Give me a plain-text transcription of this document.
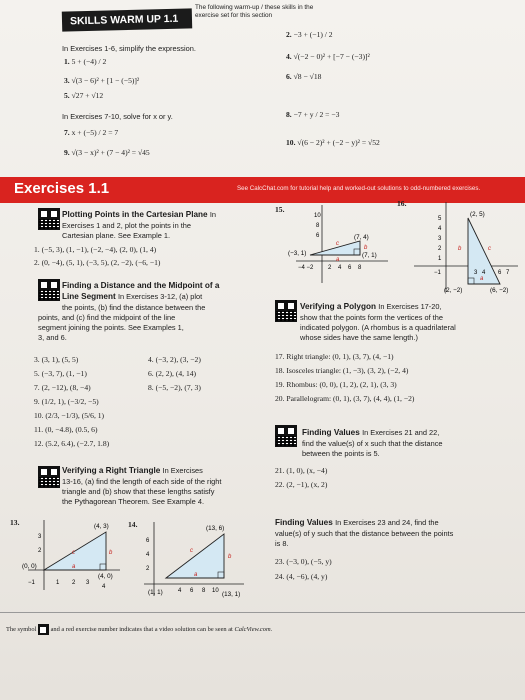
SKILLS WARM UP 1.1
The following warm-up / these skills in the exercise set for this section
In Exercises 1-6, simplify the expression.
1. 5 + (−4) / 2
2. −3 + (−1) / 2
3. √(3 − 6)² + [1 − (−5)]²
4. √(−2 − 0)² + [−7 − (−3)]²
5. √27 + √12
6. √8 − √18
In Exercises 7-10, solve for x or y.
7. x + (−5) / 2 = 7
8. −7 + y / 2 = −3
9. √(3 − x)² + (7 − 4)² = √45
10. √(6 − 2)² + (−2 − y)² = √52
Exercises 1.1	See CalcChat.com for tutorial help and worked-out solutions to odd-numbered exercises.
Plotting Points in the Cartesian Plane In
Exercises 1 and 2, plot the points in the
Cartesian plane. See Example 1.
1. (−5, 3), (1, −1), (−2, −4), (2, 0), (1, 4)
2. (0, −4), (5, 1), (−3, 5), (2, −2), (−6, −1)
Finding a Distance and the Midpoint of a
Line Segment In Exercises 3-12, (a) plot
the points, (b) find the distance between the
points, and (c) find the midpoint of the line
segment joining the points. See Examples 1,
3, and 6.
3. (3, 1), (5, 5)
5. (−3, 7), (1, −1)
7. (2, −12), (8, −4)
9. (1/2, 1), (−3/2, −5)
10. (2/3, −1/3), (5/6, 1)
11. (0, −4.8), (0.5, 6)
12. (5.2, 6.4), (−2.7, 1.8)
4. (−3, 2), (3, −2)
6. (2, 2), (4, 14)
8. (−5, −2), (7, 3)
Verifying a Right Triangle In Exercises
13-16, (a) find the length of each side of the right
triangle and (b) show that these lengths satisfy
the Pythagorean Theorem. See Example 4.
13.	(4, 3)
(0, 0)
(4, 0)
2
3
1 2 3
4
−1
c	b
a
14.	(13, 6)
(1, 1)	(13, 1)
2
4
6
4 6 8 10
c
b
a
15.
(7, 4)
(−3, 1)	(7, 1)
10
8
6
2 4 6 8
−4 −2
c
b
a
16.
(2, 5)
(2, −2)	(6, −2)
5
4
3
2
1
3 4 6 7
−1
b	c
a
Verifying a Polygon In Exercises 17-20,
show that the points form the vertices of the
indicated polygon. (A rhombus is a quadrilateral
whose sides have the same length.)
17. Right triangle: (0, 1), (3, 7), (4, −1)
18. Isosceles triangle: (1, −3), (3, 2), (−2, 4)
19. Rhombus: (0, 0), (1, 2), (2, 1), (3, 3)
20. Parallelogram: (0, 1), (3, 7), (4, 4), (1, −2)
Finding Values In Exercises 21 and 22,
find the value(s) of x such that the distance
between the points is 5.
21. (1, 0), (x, −4)
22. (2, −1), (x, 2)
Finding Values In Exercises 23 and 24, find the
value(s) of y such that the distance between the points
is 8.
23. (−3, 0), (−5, y)
24. (4, −6), (4, y)
The symbol and a red exercise number indicates that a video solution can be seen at CalcView.com.
